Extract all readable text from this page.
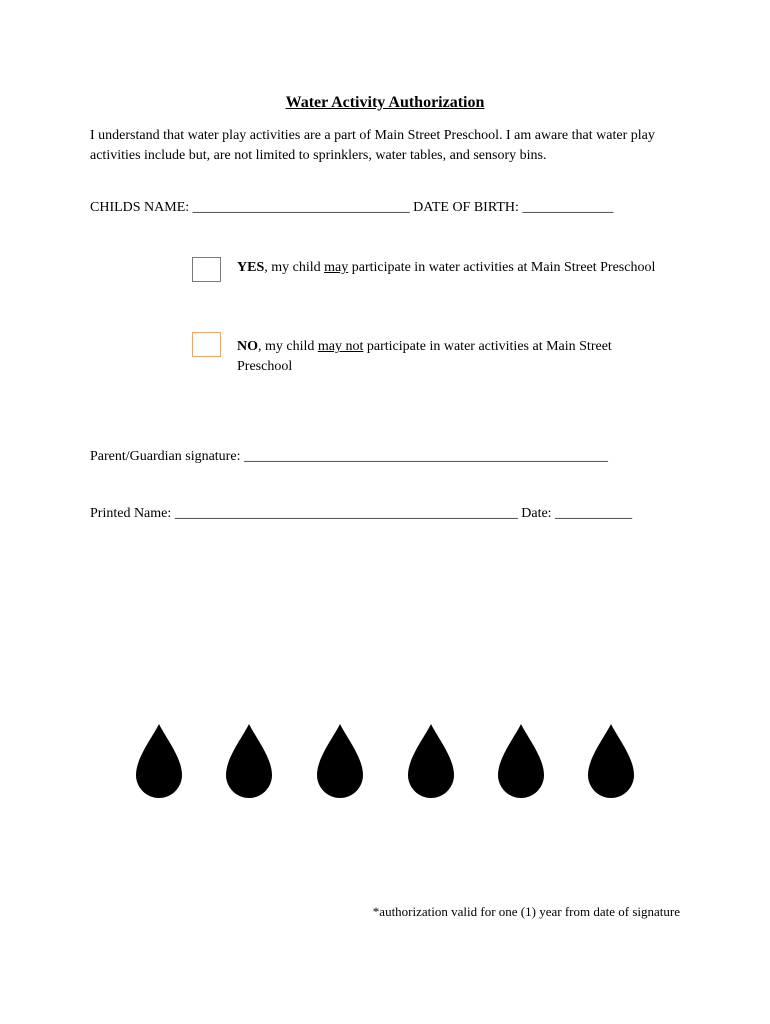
Water Activity Authorization
I understand that water play activities are a part of Main Street Preschool. I am aware that water play activities include but, are not limited to sprinklers, water tables, and sensory bins.
CHILDS NAME: _______________________________ DATE OF BIRTH: _____________
YES, my child may participate in water activities at Main Street Preschool
NO, my child may not participate in water activities at Main Street Preschool
Parent/Guardian signature: ____________________________________________________
Printed Name: _________________________________________________ Date: ___________
*authorization valid for one (1) year from date of signature
